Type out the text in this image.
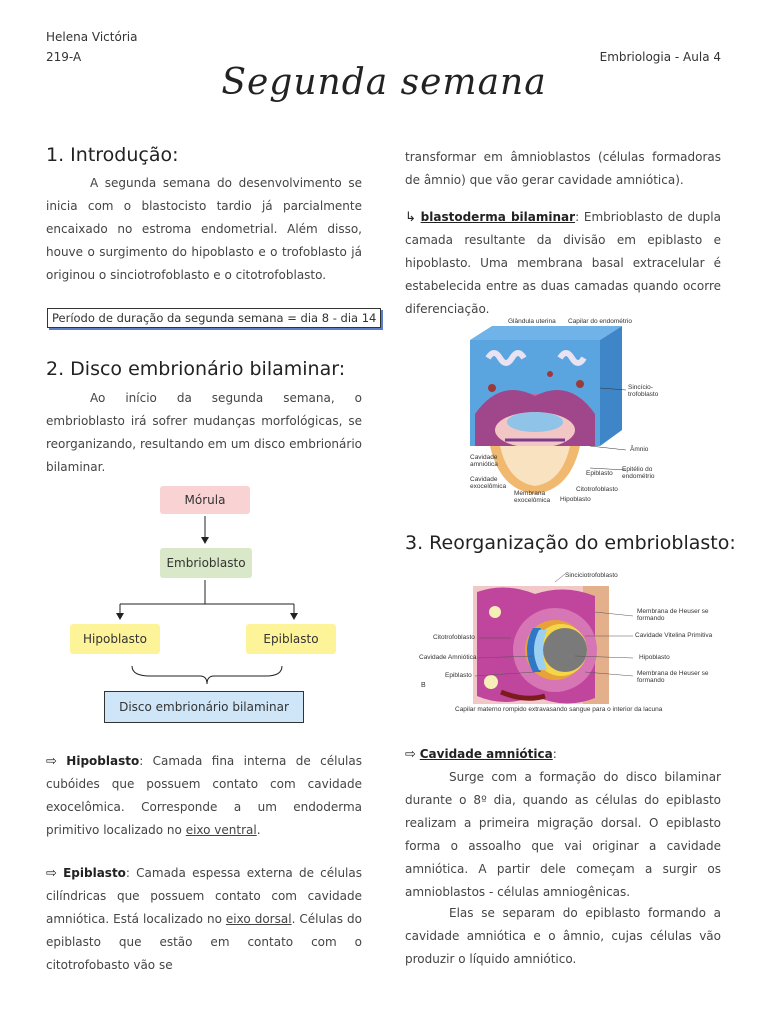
Helena Victória
219-A	Embriologia - Aula 4
Segunda semana
1. Introdução:
A segunda semana do desenvolvimento se inicia com o blastocisto tardio já parcialmente encaixado no estroma endometrial. Além disso, houve o surgimento do hipoblasto e o trofoblasto já originou o sinciotrofoblasto e o citotrofoblasto.
Período de duração da segunda semana = dia 8 - dia 14
2. Disco embrionário bilaminar:
Ao início da segunda semana, o embrioblasto irá sofrer mudanças morfológicas, se reorganizando, resultando em um disco embrionário bilaminar.
Mórula
Embrioblasto
Hipoblasto	Epiblasto
Disco embrionário bilaminar
⇨ Hipoblasto: Camada fina interna de células cubóides que possuem contato com cavidade exocelômica. Corresponde a um endoderma primitivo localizado no eixo ventral.
⇨ Epiblasto: Camada espessa externa de células cilíndricas que possuem contato com cavidade amniótica. Está localizado no eixo dorsal. Células do epiblasto que estão em contato com o citotrofobasto vão se
transformar em âmnioblastos (células formadoras de âmnio) que vão gerar cavidade amniótica).
↳ blastoderma bilaminar: Embrioblasto de dupla camada resultante da divisão em epiblasto e hipoblasto. Uma membrana basal extracelular é estabelecida entre as duas camadas quando ocorre diferenciação.
Glândula uterina Capilar do endométrio
Sincício-trofoblasto
Âmnio
Epitélio do endométrio
Cavidade amniótica
Cavidade exocelômica
Membrana exocelômica
Epiblasto
Citotrofoblasto
Hipoblasto
3. Reorganização do embrioblasto:
Sinciciotrofoblasto
Membrana de Heuser se formando
Citotrofoblasto	Cavidade Vitelina Primitiva
Cavidade Amniótica	Hipoblasto
Epiblasto	Membrana de Heuser se formando
B
Capilar materno rompido extravasando sangue para o interior da lacuna
⇨ Cavidade amniótica:
Surge com a formação do disco bilaminar durante o 8º dia, quando as células do epiblasto realizam a primeira migração dorsal. O epiblasto forma o assoalho que vai originar a cavidade amniótica. A partir dele começam a surgir os amnioblastos - células amniogênicas.
Elas se separam do epiblasto formando a cavidade amniótica e o âmnio, cujas células vão produzir o líquido amniótico.
